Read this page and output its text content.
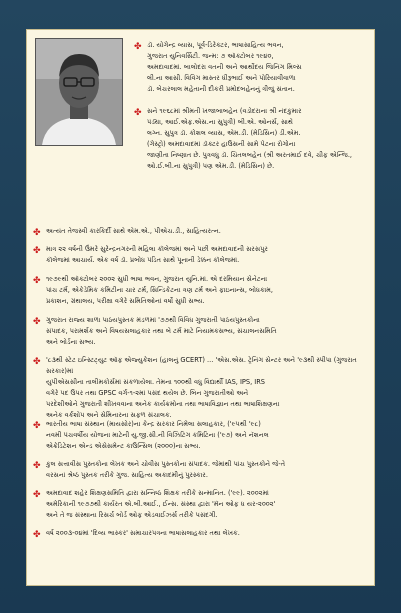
✤ ડૉ. યોગેન્દ્ર વ્યાસ, પૂર્વ-ડિરેક્ટર, ભાષાસાહિત્ય ભવન,
ગુજરાત યુનિવર્સિટી. જન્મ: ૭ ઑક્ટોબર ૧૯૪૦,
અમદાવાદમાં. બાલોદરા વતની અને આર્થોદય જિનિંગ મિલ્સ
લી.ના આસી. વિવિંગ માસ્તર ધીરૂભાઈ અને પોરિયાવીવાળા
ડૉ. બેચરલાલ મહેતાની દીકરી પ્રમોદબહેનનું ત્રીજું સંતાન.

✤ સને ૧૯૬૮માં શ્રીમતી ખજાબાબહેન (વડોદરાના શ્રી નંદકુમાર
પંડ્યા, આઈ.એફ.એસ.ના સુપુત્રી) બી.એ. ઓનર્સ, સાથે
લગ્ન. સુપુત્ર ડૉ. કોશલ વ્યાસ, એમ.ડી. (મેડિસિન) ડી.એમ.
(ગેસ્ટ્રો) અમદાવાદમાં ડૉક્ટર હાઉસની સામે પેટના રોગોના
જાણીતા નિષ્ણાત છે. પુત્રવધુ ડૉ. ચિંતલબહેન (શ્રી અરતમાઈ દવે, ચીફ એન્જિ.,
ઓ.ઈ.બી.ના સુપુત્રી) પણ એમ.ડી. (મેડિસિન) છે.

✤ અત્યંત તેજસ્વી કારકિર્દી સાથે એમ.એ., પીએચ.ડી., સાહિત્યરત્ન.

✤ માત્ર ૨૨ વર્ષની ઉંમરે સુરેન્દ્રનગરની મહિલા કૉલેજમાં અને પછી અમદાવાદની સરસપુર
કૉલેજમાં આચાર્ય. એક વર્ષ ડૉ. પ્રબોધ પંડિત સાથે પૂનાની ડેક્કન કૉલેજમાં.

✤ ૧૯૭૯થી ઑક્ટોબર ૨૦૦૨ સુધી ભાષા ભવન, ગુજરાત યુનિ.માં. એ દરમિયાન સેનેટના
પાંચ ટર્મ, એકેડેમિક કમિટીના ચાર ટર્મ, સિન્ડિકેટના ત્રણ ટર્મ અને ફાઇનાન્સ, બોધકામ,
પ્રકાશન, ગ્રંથાલય, પરીક્ષા વગેરે સમિતિઓનાં વર્ષો સુધી સભ્ય.

✤ ગુજરાત રાજ્ય શાળા પાઠયપુસ્તક મંડળમાં '૭૭થી વિવિધ ગુજરાતી પાઠયપુસ્તકોના
સંપાદક, પરામર્શક અને વિષયસલાહકાર તથા બે ટર્મ માટે નિયામકસભ્ય, સંચાલનસમિતિ
અને બોર્ડના સભ્ય.

✤ '૮૩થી સ્ટેટ ઇન્સ્ટિટ્યુટ ઑફ એજ્યુકેશન (હાલનું GCERT) ... 'એસ.એસ. ટ્રેનિંગ સેન્ટર અને '૯૩થી સ્પીપા (ગુજરાત સરકાર)માં
યુપીએસસીના તાલીમકોર્સમાં સંકળાયેલા. તેમના ૧૦૦થી વધુ વિદ્યાર્થી IAS, IPS, IRS
વગેરે પદ ઉપર તથા GPSC વર્ગ-૧-૨માં પસંદ થયેલ છે. બિન ગુજરાતીઓ અને
પરદેશીઓને ગુજરાતી શીખવવાના અનેક કાર્યક્રમોના તથા ભાષાવિજ્ઞાન તથા ભાષાશિક્ષણના
અનેક વર્કશોપ અને સેમિનારના સફળ સંચાલક.

✤ ભારતીય ભાષા સંસ્થાન (માયસોર)ના કેન્દ્ર સરકાર નિમેલા સલાહકાર, ('૯૫થી '૯૮)
નવમી પંચવર્ષીય યોજના માટેની યુ.જી.સી.ની વિઝિટિંગ કમિટિના ('૯૭) અને નૅશનલ
એક્રેડિટેશન એન્ડ એસેસમેન્ટ કાઉન્સિલ (૨૦૦૦)ના સભ્ય.

✤ કુલ સત્તાવીસ પુસ્તકોના લેખક અને ચોવીસ પુસ્તકોના સંપાદક. જેમાંથી પાંચ પુસ્તકોને જે-તે
વરસનાં શ્રેષ્ઠ પુસ્તક તરીકે ગુજ. સાહિત્ય અકાદમીનું પુરસ્કાર.

✤ અમદાવાદ શહેર શિક્ષણસમિતિ દ્વારા સન્નિષ્ઠ શિક્ષક તરીકે સન્માનિત. ('૯૯). ૨૦૦૨માં
અમેરિકાની ૧૯૭૭થી કાર્યરત એ.બી.આઈ., ઈન્સ. સંસ્થા દ્વારા 'મૅન ઓફ ધ યર-૨૦૦૨'
અને તે જ સંસ્થાના રિસર્ચ બોર્ડ ઓફ એડવાઈઝર્સ તરીકે પસંદગી.

✤ વર્ષ ૨૦૦૩-૦૪માં 'દિવ્ય ભાસ્કર' સમાચારપત્રના ભાષાસલાહકાર તથા લેખક.
